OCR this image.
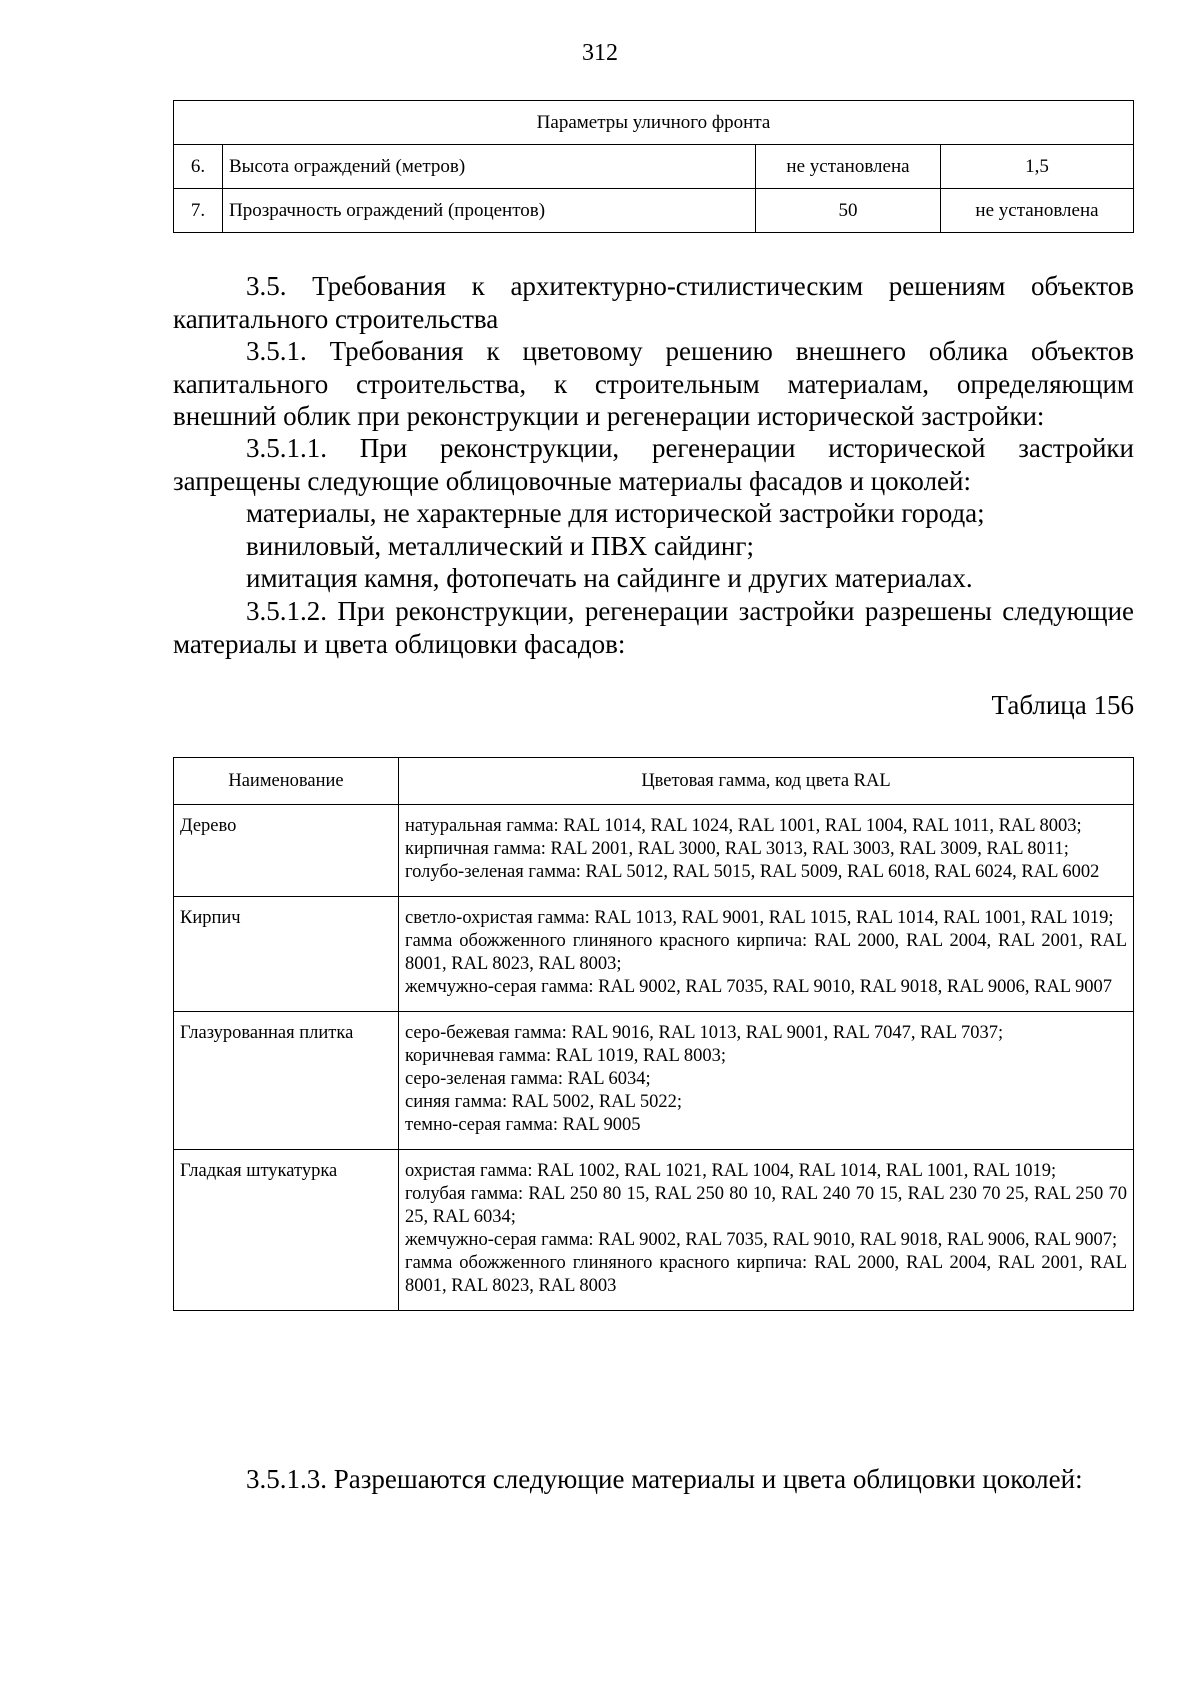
312
Параметры уличного фронта			
6.	Высота ограждений (метров)	не установлена	1,5
7.	Прозрачность ограждений (процентов)	50	не установлена

3.5. Требования к архитектурно-стилистическим решениям объектов капитального строительства

3.5.1. Требования к цветовому решению внешнего облика объектов капитального строительства, к строительным материалам, определяющим внешний облик при реконструкции и регенерации исторической застройки:

3.5.1.1. При реконструкции, регенерации исторической застройки запрещены следующие облицовочные материалы фасадов и цоколей:

материалы, не характерные для исторической застройки города;

виниловый, металлический и ПВХ сайдинг;

имитация камня, фотопечать на сайдинге и других материалах.

3.5.1.2. При реконструкции, регенерации застройки разрешены следующие материалы и цвета облицовки фасадов:

Таблица 156
Наименование	Цветовая гамма, код цвета RAL
Дерево	натуральная гамма: RAL 1014, RAL 1024, RAL 1001, RAL 1004, RAL 1011, RAL 8003;
кирпичная гамма: RAL 2001, RAL 3000, RAL 3013, RAL 3003, RAL 3009, RAL 8011;
голубо-зеленая гамма: RAL 5012, RAL 5015, RAL 5009, RAL 6018, RAL 6024, RAL 6002

Кирпич	светло-охристая гамма: RAL 1013, RAL 9001, RAL 1015, RAL 1014, RAL 1001, RAL 1019;
гамма обожженного глиняного красного кирпича: RAL 2000, RAL 2004, RAL 2001, RAL 8001, RAL 8023, RAL 8003;
жемчужно-серая гамма: RAL 9002, RAL 7035, RAL 9010, RAL 9018, RAL 9006, RAL 9007

Глазурованная плитка	серо-бежевая гамма: RAL 9016, RAL 1013, RAL 9001, RAL 7047, RAL 7037;
коричневая гамма: RAL 1019, RAL 8003;
серо-зеленая гамма: RAL 6034;
синяя гамма: RAL 5002, RAL 5022;
темно-серая гамма: RAL 9005

Гладкая штукатурка	охристая гамма: RAL 1002, RAL 1021, RAL 1004, RAL 1014, RAL 1001, RAL 1019;
голубая гамма: RAL 250 80 15, RAL 250 80 10, RAL 240 70 15, RAL 230 70 25, RAL 250 70 25, RAL 6034;
жемчужно-серая гамма: RAL 9002, RAL 7035, RAL 9010, RAL 9018, RAL 9006, RAL 9007;
гамма обожженного глиняного красного кирпича: RAL 2000, RAL 2004, RAL 2001, RAL 8001, RAL 8023, RAL 8003

3.5.1.3. Разрешаются следующие материалы и цвета облицовки цоколей:
